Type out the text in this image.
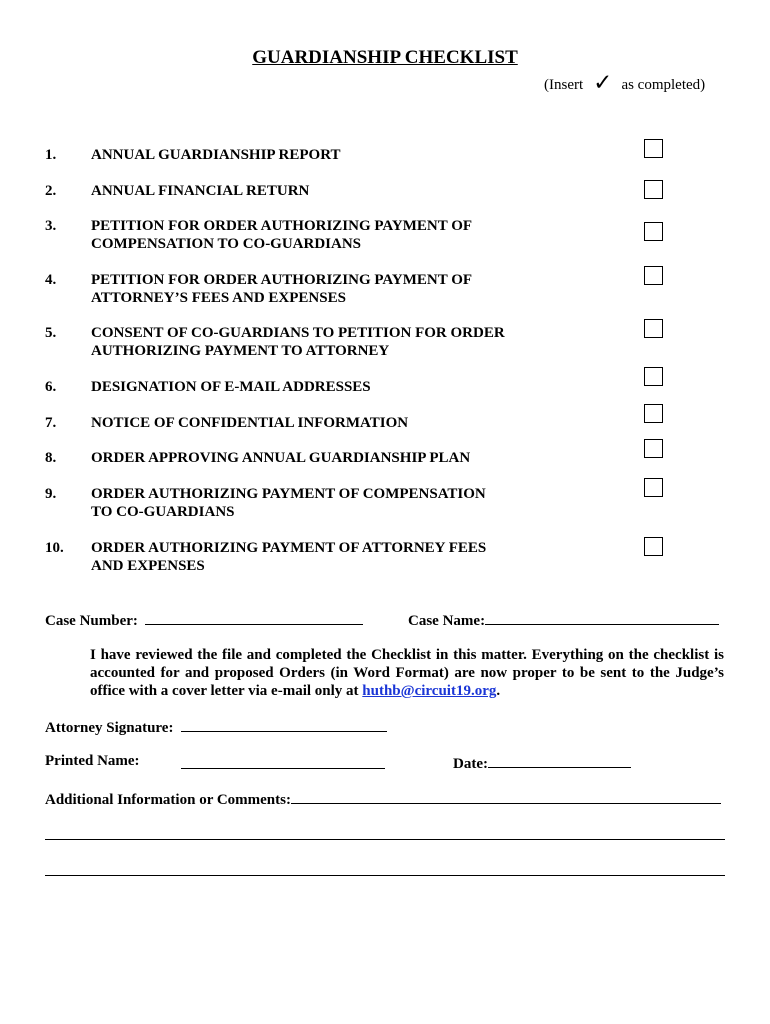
GUARDIANSHIP CHECKLIST
(Insert ✓ as completed)
1. ANNUAL GUARDIANSHIP REPORT
2. ANNUAL FINANCIAL RETURN
3. PETITION FOR ORDER AUTHORIZING PAYMENT OF COMPENSATION TO CO-GUARDIANS
4. PETITION FOR ORDER AUTHORIZING PAYMENT OF ATTORNEY’S FEES AND EXPENSES
5. CONSENT OF CO-GUARDIANS TO PETITION FOR ORDER AUTHORIZING PAYMENT TO ATTORNEY
6. DESIGNATION OF E-MAIL ADDRESSES
7. NOTICE OF CONFIDENTIAL INFORMATION
8. ORDER APPROVING ANNUAL GUARDIANSHIP PLAN
9. ORDER AUTHORIZING PAYMENT OF COMPENSATION TO CO-GUARDIANS
10. ORDER AUTHORIZING PAYMENT OF ATTORNEY FEES AND EXPENSES
Case Number:	Case Name:
I have reviewed the file and completed the Checklist in this matter. Everything on the checklist is accounted for and proposed Orders (in Word Format) are now proper to be sent to the Judge’s office with a cover letter via e-mail only at huthb@circuit19.org.
Attorney Signature:
Printed Name:	Date:
Additional Information or Comments:
